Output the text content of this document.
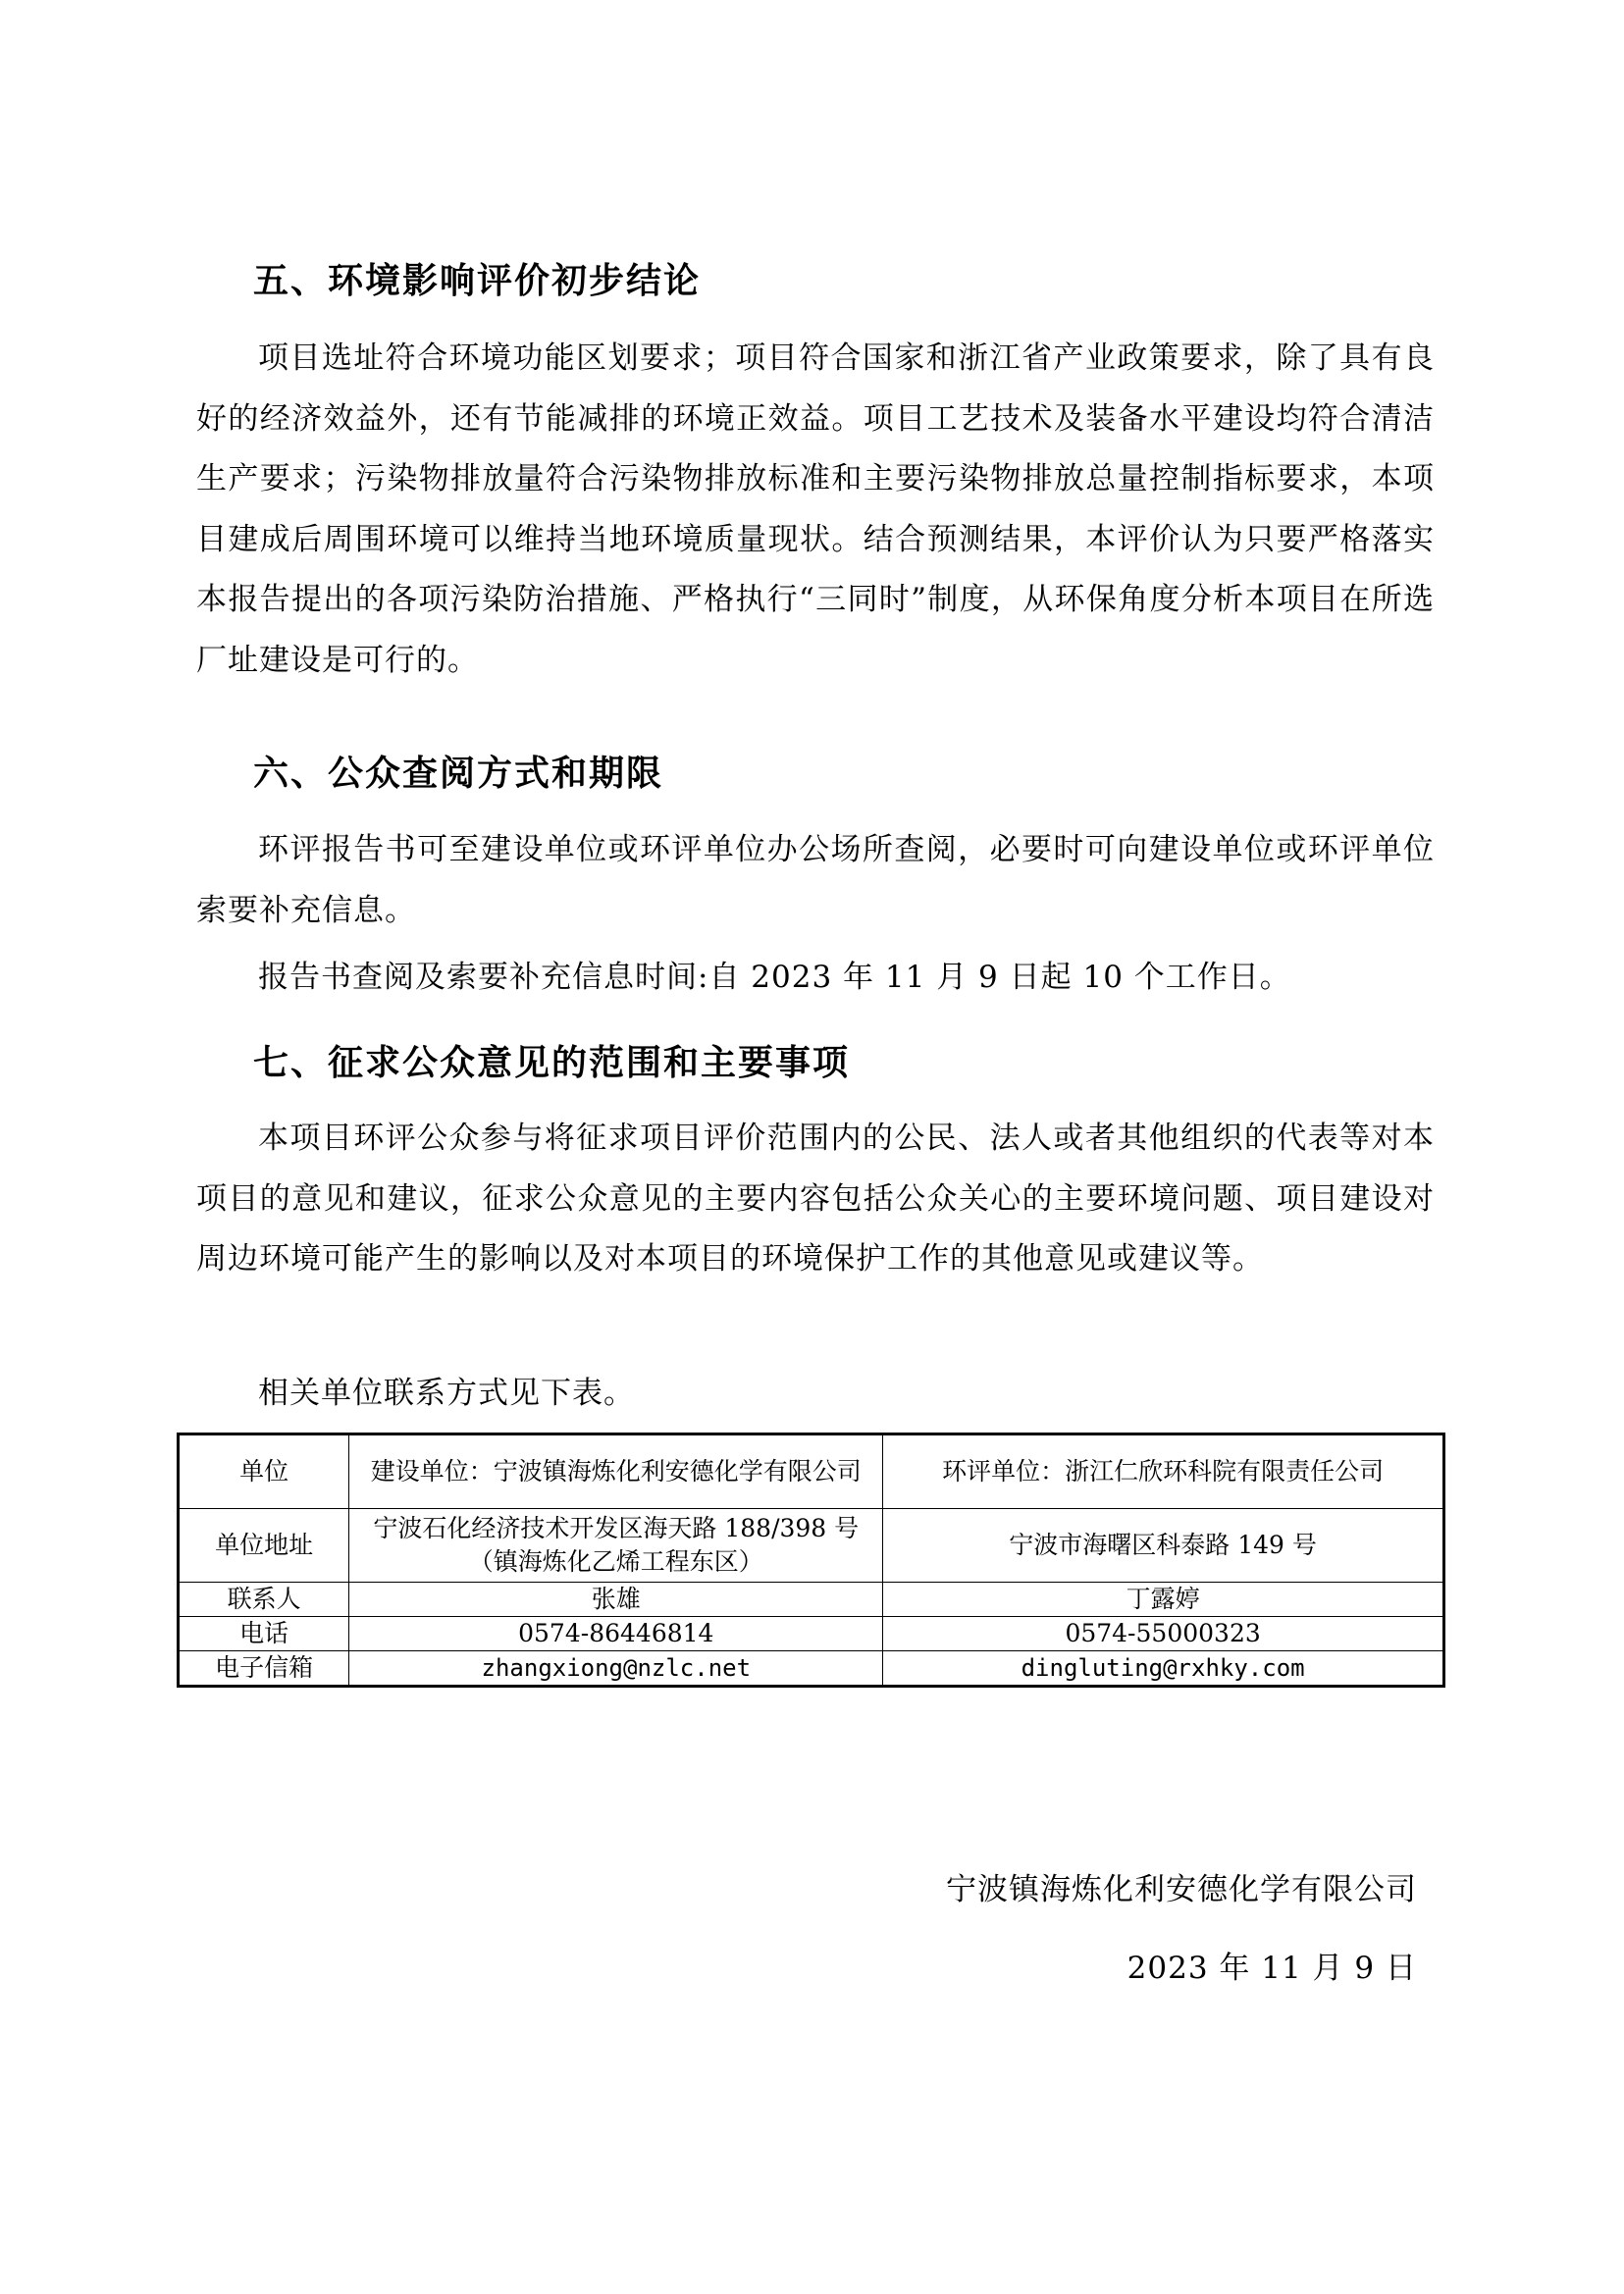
五、环境影响评价初步结论

项目选址符合环境功能区划要求；项目符合国家和浙江省产业政策要求，除了具有良好的经济效益外，还有节能减排的环境正效益。项目工艺技术及装备水平建设均符合清洁生产要求；污染物排放量符合污染物排放标准和主要污染物排放总量控制指标要求，本项目建成后周围环境可以维持当地环境质量现状。结合预测结果，本评价认为只要严格落实本报告提出的各项污染防治措施、严格执行“三同时”制度，从环保角度分析本项目在所选厂址建设是可行的。

六、公众查阅方式和期限

环评报告书可至建设单位或环评单位办公场所查阅，必要时可向建设单位或环评单位索要补充信息。

报告书查阅及索要补充信息时间:自 2023 年 11 月 9 日起 10 个工作日。

七、征求公众意见的范围和主要事项

本项目环评公众参与将征求项目评价范围内的公民、法人或者其他组织的代表等对本项目的意见和建议，征求公众意见的主要内容包括公众关心的主要环境问题、项目建设对周边环境可能产生的影响以及对本项目的环境保护工作的其他意见或建议等。

相关单位联系方式见下表。

单位	建设单位：宁波镇海炼化利安德化学有限公司	环评单位：浙江仁欣环科院有限责任公司
单位地址	宁波石化经济技术开发区海天路 188/398 号（镇海炼化乙烯工程东区）	宁波市海曙区科泰路 149 号
联系人	张雄	丁露婷
电话	0574-86446814	0574-55000323
电子信箱	zhangxiong@nzlc.net	dingluting@rxhky.com

宁波镇海炼化利安德化学有限公司

2023 年 11 月 9 日
